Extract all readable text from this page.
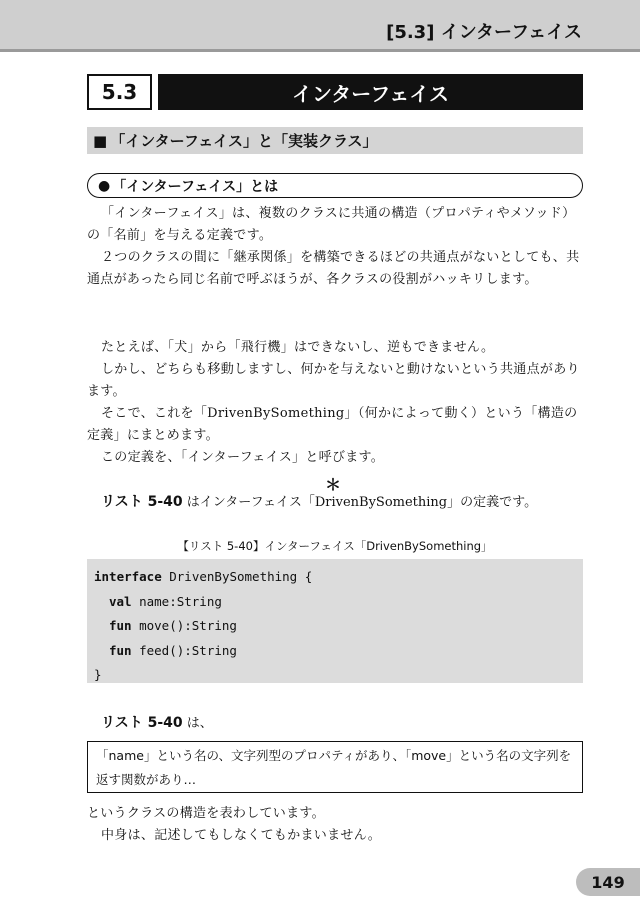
[5.3] インターフェイス
5.3	インターフェイス
■ 「インターフェイス」と「実装クラス」
● 「インターフェイス」とは

「インターフェイス」は、複数のクラスに共通の構造（プロパティやメソッド）の「名前」を与える定義です。

２つのクラスの間に「継承関係」を構築できるほどの共通点がないとしても、共通点があったら同じ名前で呼ぶほうが、各クラスの役割がハッキリします。

たとえば、「犬」から「飛行機」はできないし、逆もできません。

しかし、どちらも移動しますし、何かを与えないと動けないという共通点があります。

そこで、これを「DrivenBySomething」（何かによって動く）という「構造の定義」にまとめます。

この定義を、「インターフェイス」と呼びます。

＊
リスト 5-40 はインターフェイス「DrivenBySomething」の定義です。
【リスト 5-40】インターフェイス「DrivenBySomething」
interface DrivenBySomething {
val name:String
fun move():String
fun feed():String
}
リスト 5-40 は、
「name」という名の、文字列型のプロパティがあり、「move」という名の文字列を返す関数があり…

というクラスの構造を表わしています。

中身は、記述してもしなくてもかまいません。

149
